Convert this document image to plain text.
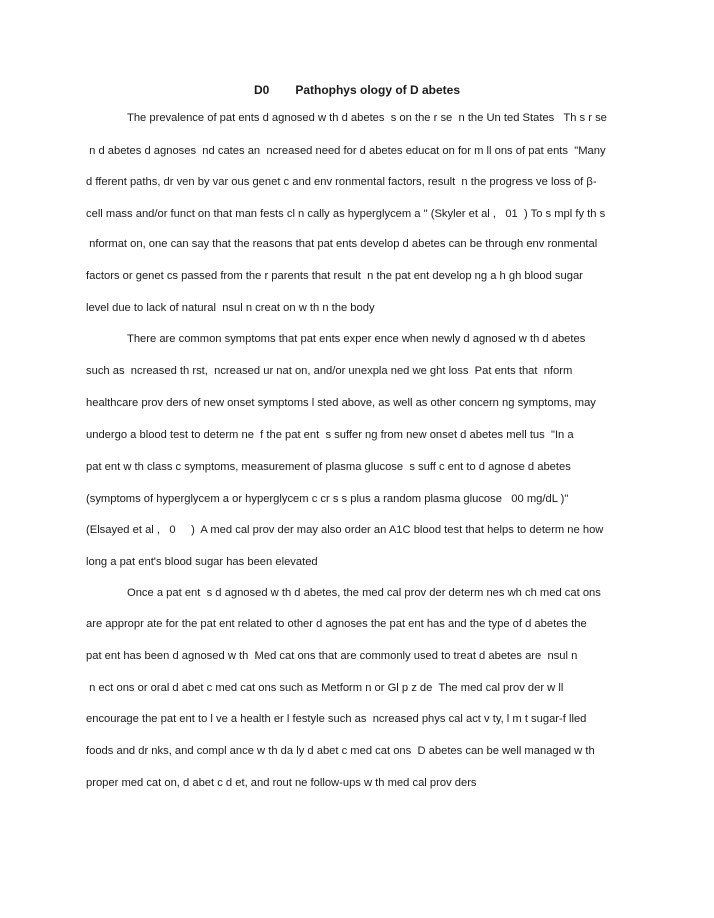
D0 Pathophys ology of D abetes
The prevalence of pat ents d agnosed w th d abetes  s on the r se  n the Un ted States   Th s r se
n d abetes d agnoses  nd cates an  ncreased need for d abetes educat on for m ll ons of pat ents  "Many
d fferent paths, dr ven by var ous genet c and env ronmental factors, result  n the progress ve loss of β-
cell mass and/or funct on that man fests cl n cally as hyperglycem a " (Skyler et al ,   01  ) To s mpl fy th s
nformat on, one can say that the reasons that pat ents develop d abetes can be through env ronmental
factors or genet cs passed from the r parents that result  n the pat ent develop ng a h gh blood sugar
level due to lack of natural  nsul n creat on w th n the body
There are common symptoms that pat ents exper ence when newly d agnosed w th d abetes
such as  ncreased th rst,  ncreased ur nat on, and/or unexpla ned we ght loss  Pat ents that  nform
healthcare prov ders of new onset symptoms l sted above, as well as other concern ng symptoms, may
undergo a blood test to determ ne  f the pat ent  s suffer ng from new onset d abetes mell tus  "In a
pat ent w th class c symptoms, measurement of plasma glucose  s suff c ent to d agnose d abetes
(symptoms of hyperglycem a or hyperglycem c cr s s plus a random plasma glucose   00 mg/dL )"
(Elsayed et al ,   0     )  A med cal prov der may also order an A1C blood test that helps to determ ne how
long a pat ent's blood sugar has been elevated
Once a pat ent  s d agnosed w th d abetes, the med cal prov der determ nes wh ch med cat ons
are appropr ate for the pat ent related to other d agnoses the pat ent has and the type of d abetes the
pat ent has been d agnosed w th  Med cat ons that are commonly used to treat d abetes are  nsul n
n ect ons or oral d abet c med cat ons such as Metform n or Gl p z de  The med cal prov der w ll
encourage the pat ent to l ve a health er l festyle such as  ncreased phys cal act v ty, l m t sugar-f lled
foods and dr nks, and compl ance w th da ly d abet c med cat ons  D abetes can be well managed w th
proper med cat on, d abet c d et, and rout ne follow-ups w th med cal prov ders
